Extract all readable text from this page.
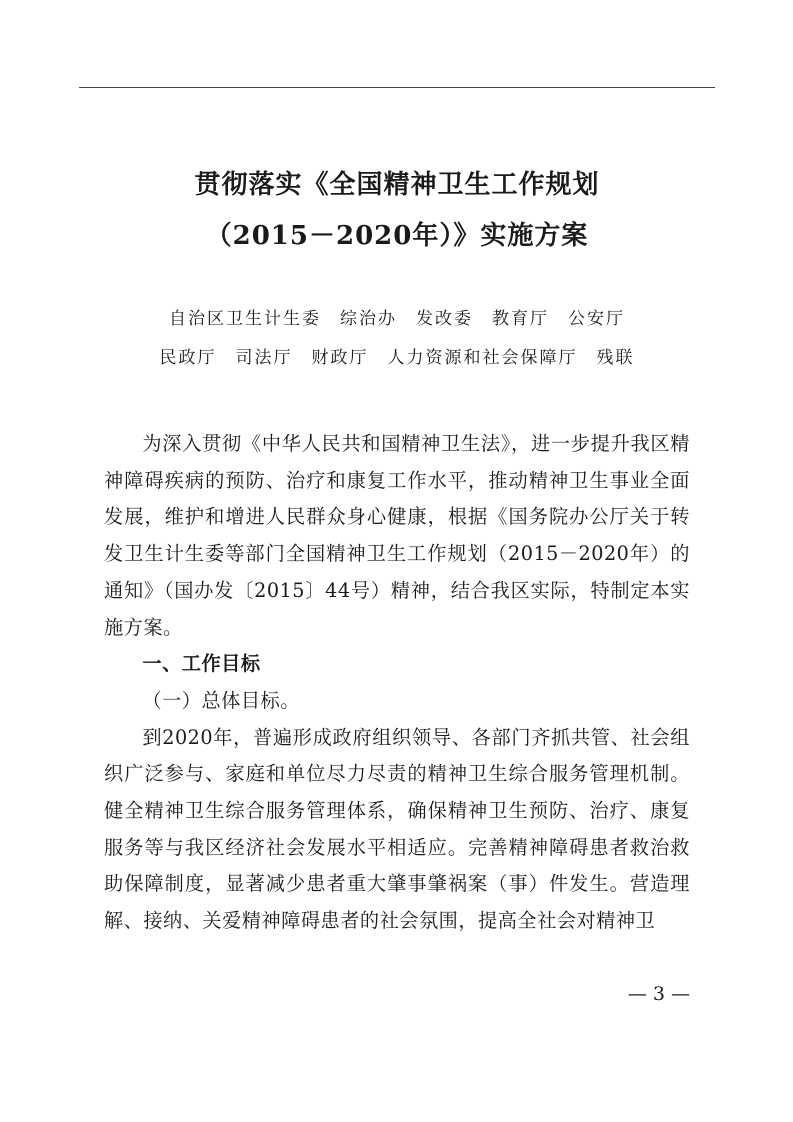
贯彻落实《全国精神卫生工作规划
（2015－2020年）》实施方案
自治区卫生计生委　综治办　发改委　教育厅　公安厅
民政厅　司法厅　财政厅　人力资源和社会保障厅　残联

为深入贯彻《中华人民共和国精神卫生法》，进一步提升我区精神障碍疾病的预防、治疗和康复工作水平，推动精神卫生事业全面发展，维护和增进人民群众身心健康，根据《国务院办公厅关于转发卫生计生委等部门全国精神卫生工作规划（2015－2020年）的通知》（国办发〔2015〕44号）精神，结合我区实际，特制定本实施方案。

一、工作目标

（一）总体目标。

到2020年，普遍形成政府组织领导、各部门齐抓共管、社会组织广泛参与、家庭和单位尽力尽责的精神卫生综合服务管理机制。健全精神卫生综合服务管理体系，确保精神卫生预防、治疗、康复服务等与我区经济社会发展水平相适应。完善精神障碍患者救治救助保障制度，显著减少患者重大肇事肇祸案（事）件发生。营造理解、接纳、关爱精神障碍患者的社会氛围，提高全社会对精神卫

— 3 —
